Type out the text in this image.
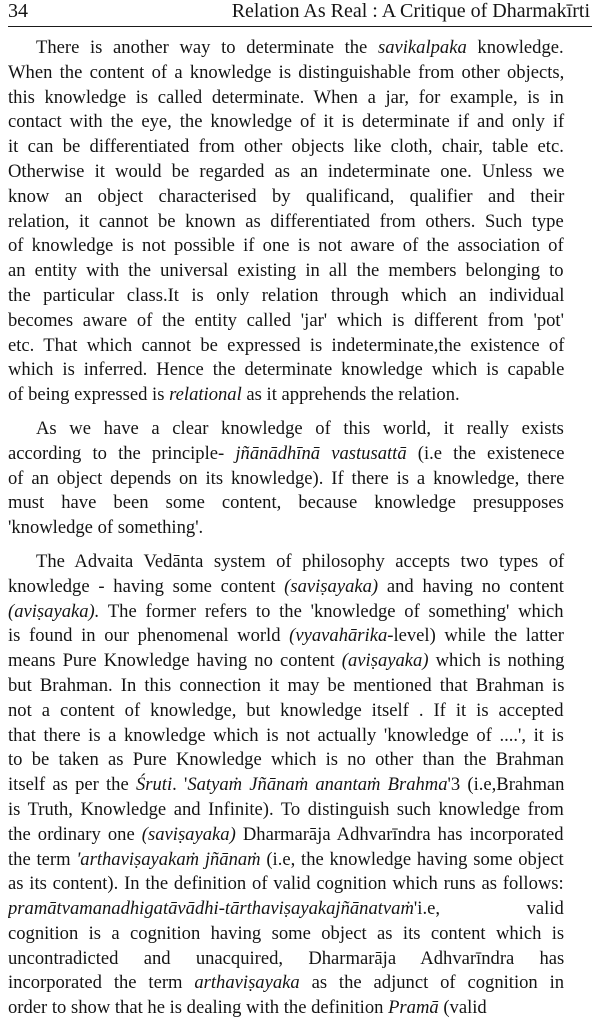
34	Relation As Real : A Critique of Dharmakīrti

There is another way to determinate the savikalpaka knowledge.
When the content of a knowledge is distinguishable from other objects,
this knowledge is called determinate. When a jar, for example, is in
contact with the eye, the knowledge of it is determinate if and only if
it can be differentiated from other objects like cloth, chair, table etc.
Otherwise it would be regarded as an indeterminate one. Unless we
know an object characterised by qualificand, qualifier and their
relation, it cannot be known as differentiated from others. Such type
of knowledge is not possible if one is not aware of the association of
an entity with the universal existing in all the members belonging to
the particular class.It is only relation through which an individual
becomes aware of the entity called 'jar' which is different from 'pot'
etc. That which cannot be expressed is indeterminate,the existence of
which is inferred. Hence the determinate knowledge which is capable
of being expressed is relational as it apprehends the relation.

As we have a clear knowledge of this world, it really exists
according to the principle- jñānādhīnā vastusattā (i.e the existenece
of an object depends on its knowledge). If there is a knowledge, there
must have been some content, because knowledge presupposes
'knowledge of something'.

The Advaita Vedānta system of philosophy accepts two types of
knowledge - having some content (saviṣayaka) and having no content
(aviṣayaka). The former refers to the 'knowledge of something' which
is found in our phenomenal world (vyavahārika-level) while the latter
means Pure Knowledge having no content (aviṣayaka) which is nothing
but Brahman. In this connection it may be mentioned that Brahman is
not a content of knowledge, but knowledge itself . If it is accepted
that there is a knowledge which is not actually 'knowledge of ....', it is
to be taken as Pure Knowledge which is no other than the Brahman
itself as per the Śruti. 'Satyaṁ Jñānaṁ anantaṁ Brahma'3 (i.e,Brahman
is Truth, Knowledge and Infinite). To distinguish such knowledge from
the ordinary one (saviṣayaka) Dharmarāja Adhvarīndra has incorporated
the term 'arthaviṣayakaṁ jñānaṁ (i.e, the knowledge having some object
as its content). In the definition of valid cognition which runs as follows:
pramātvamanadhigatāvādhi-tārthaviṣayakajñānatvaṁ'i.e, valid
cognition is a cognition having some object as its content which is
uncontradicted and unacquired, Dharmarāja Adhvarīndra has
incorporated the term arthaviṣayaka as the adjunct of cognition in
order to show that he is dealing with the definition Pramā (valid
